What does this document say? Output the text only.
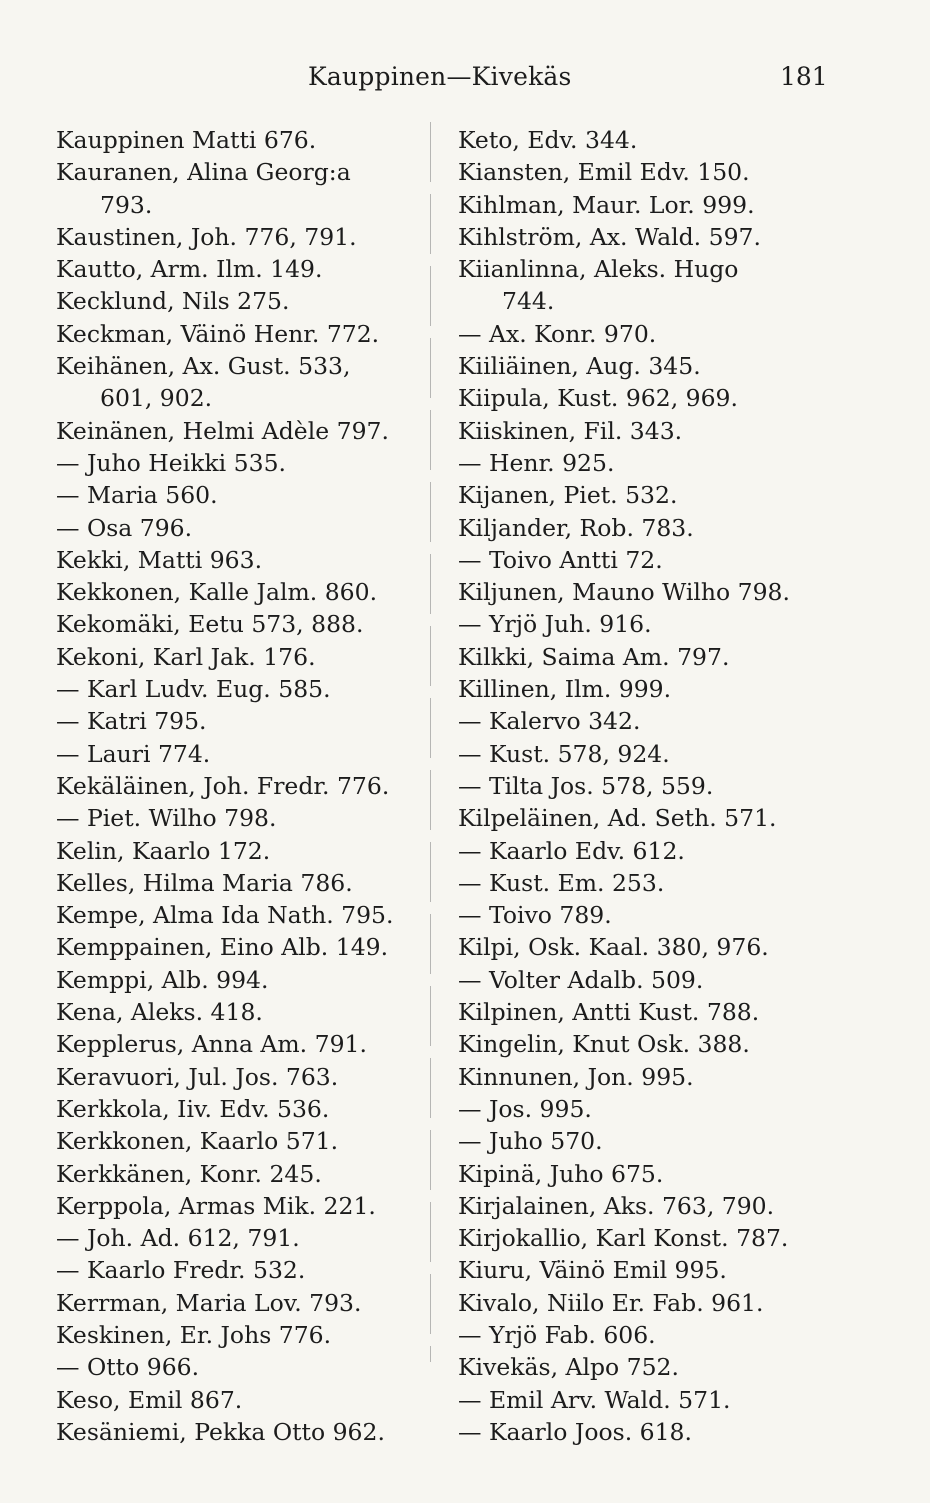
Kauppinen—Kivekäs	181
Kauppinen Matti 676.
Kauranen, Alina Georg:a
793.
Kaustinen, Joh. 776, 791.
Kautto, Arm. Ilm. 149.
Kecklund, Nils 275.
Keckman, Väinö Henr. 772.
Keihänen, Ax. Gust. 533,
601, 902.
Keinänen, Helmi Adèle 797.
— Juho Heikki 535.
— Maria 560.
— Osa 796.
Kekki, Matti 963.
Kekkonen, Kalle Jalm. 860.
Kekomäki, Eetu 573, 888.
Kekoni, Karl Jak. 176.
— Karl Ludv. Eug. 585.
— Katri 795.
— Lauri 774.
Kekäläinen, Joh. Fredr. 776.
— Piet. Wilho 798.
Kelin, Kaarlo 172.
Kelles, Hilma Maria 786.
Kempe, Alma Ida Nath. 795.
Kemppainen, Eino Alb. 149.
Kemppi, Alb. 994.
Kena, Aleks. 418.
Kepplerus, Anna Am. 791.
Keravuori, Jul. Jos. 763.
Kerkkola, Iiv. Edv. 536.
Kerkkonen, Kaarlo 571.
Kerkkänen, Konr. 245.
Kerppola, Armas Mik. 221.
— Joh. Ad. 612, 791.
— Kaarlo Fredr. 532.
Kerrman, Maria Lov. 793.
Keskinen, Er. Johs 776.
— Otto 966.
Keso, Emil 867.
Kesäniemi, Pekka Otto 962.
Keto, Edv. 344.
Kiansten, Emil Edv. 150.
Kihlman, Maur. Lor. 999.
Kihlström, Ax. Wald. 597.
Kiianlinna, Aleks. Hugo
744.
— Ax. Konr. 970.
Kiiliäinen, Aug. 345.
Kiipula, Kust. 962, 969.
Kiiskinen, Fil. 343.
— Henr. 925.
Kijanen, Piet. 532.
Kiljander, Rob. 783.
— Toivo Antti 72.
Kiljunen, Mauno Wilho 798.
— Yrjö Juh. 916.
Kilkki, Saima Am. 797.
Killinen, Ilm. 999.
— Kalervo 342.
— Kust. 578, 924.
— Tilta Jos. 578, 559.
Kilpeläinen, Ad. Seth. 571.
— Kaarlo Edv. 612.
— Kust. Em. 253.
— Toivo 789.
Kilpi, Osk. Kaal. 380, 976.
— Volter Adalb. 509.
Kilpinen, Antti Kust. 788.
Kingelin, Knut Osk. 388.
Kinnunen, Jon. 995.
— Jos. 995.
— Juho 570.
Kipinä, Juho 675.
Kirjalainen, Aks. 763, 790.
Kirjokallio, Karl Konst. 787.
Kiuru, Väinö Emil 995.
Kivalo, Niilo Er. Fab. 961.
— Yrjö Fab. 606.
Kivekäs, Alpo 752.
— Emil Arv. Wald. 571.
— Kaarlo Joos. 618.
